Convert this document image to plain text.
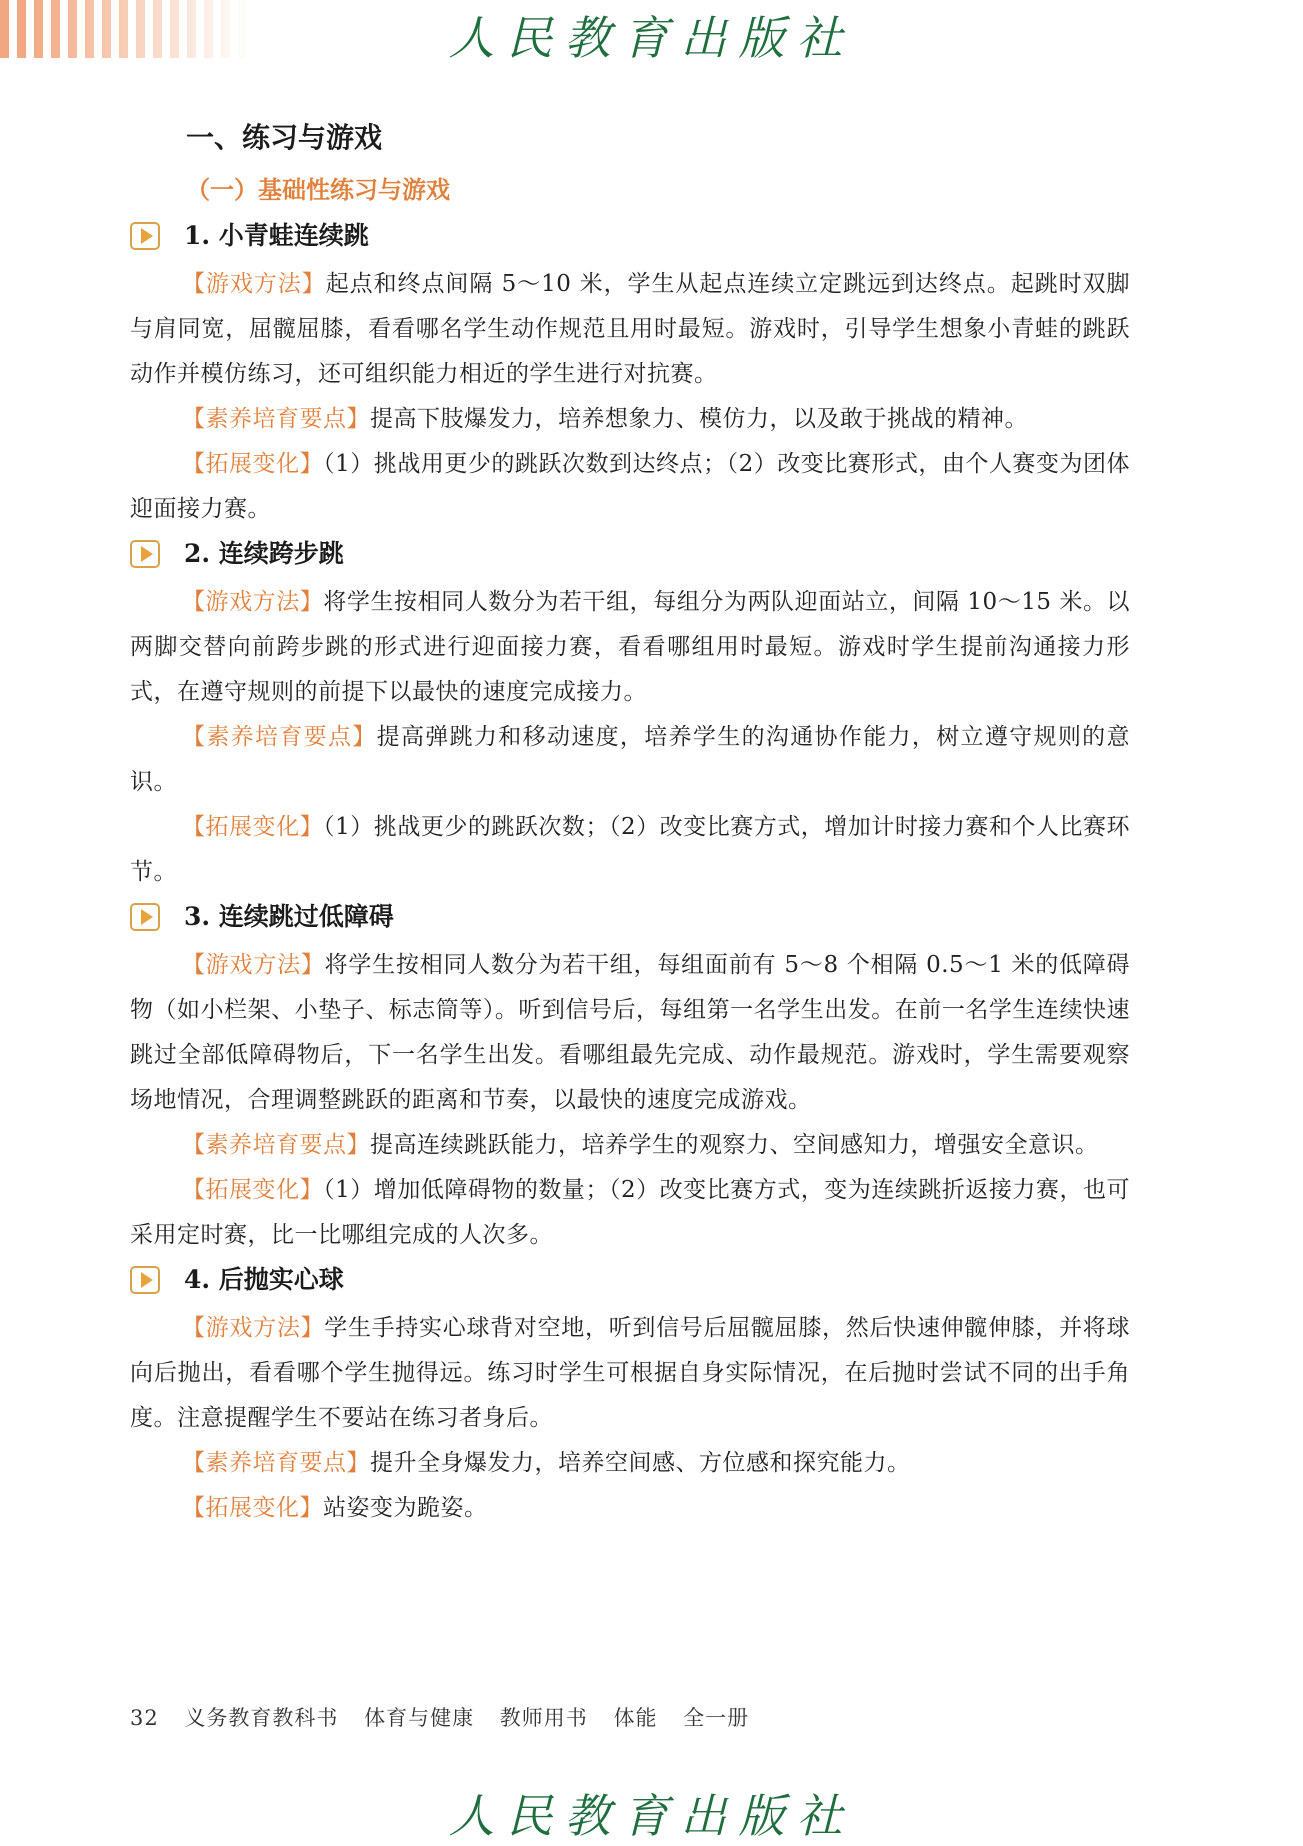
人民教育出版社
一、练习与游戏
（一）基础性练习与游戏
1. 小青蛙连续跳

【游戏方法】起点和终点间隔 5～10 米，学生从起点连续立定跳远到达终点。起跳时双脚与肩同宽，屈髋屈膝，看看哪名学生动作规范且用时最短。游戏时，引导学生想象小青蛙的跳跃动作并模仿练习，还可组织能力相近的学生进行对抗赛。

【素养培育要点】提高下肢爆发力，培养想象力、模仿力，以及敢于挑战的精神。

【拓展变化】（1）挑战用更少的跳跃次数到达终点；（2）改变比赛形式，由个人赛变为团体迎面接力赛。

2. 连续跨步跳

【游戏方法】将学生按相同人数分为若干组，每组分为两队迎面站立，间隔 10～15 米。以两脚交替向前跨步跳的形式进行迎面接力赛，看看哪组用时最短。游戏时学生提前沟通接力形式，在遵守规则的前提下以最快的速度完成接力。

【素养培育要点】提高弹跳力和移动速度，培养学生的沟通协作能力，树立遵守规则的意识。

【拓展变化】（1）挑战更少的跳跃次数；（2）改变比赛方式，增加计时接力赛和个人比赛环节。

3. 连续跳过低障碍

【游戏方法】将学生按相同人数分为若干组，每组面前有 5～8 个相隔 0.5～1 米的低障碍物（如小栏架、小垫子、标志筒等）。听到信号后，每组第一名学生出发。在前一名学生连续快速跳过全部低障碍物后，下一名学生出发。看哪组最先完成、动作最规范。游戏时，学生需要观察场地情况，合理调整跳跃的距离和节奏，以最快的速度完成游戏。

【素养培育要点】提高连续跳跃能力，培养学生的观察力、空间感知力，增强安全意识。

【拓展变化】（1）增加低障碍物的数量；（2）改变比赛方式，变为连续跳折返接力赛，也可采用定时赛，比一比哪组完成的人次多。

4. 后抛实心球

【游戏方法】学生手持实心球背对空地，听到信号后屈髋屈膝，然后快速伸髋伸膝，并将球向后抛出，看看哪个学生抛得远。练习时学生可根据自身实际情况，在后抛时尝试不同的出手角度。注意提醒学生不要站在练习者身后。

【素养培育要点】提升全身爆发力，培养空间感、方位感和探究能力。

【拓展变化】站姿变为跪姿。

32 义务教育教科书 体育与健康 教师用书 体能 全一册
人民教育出版社
